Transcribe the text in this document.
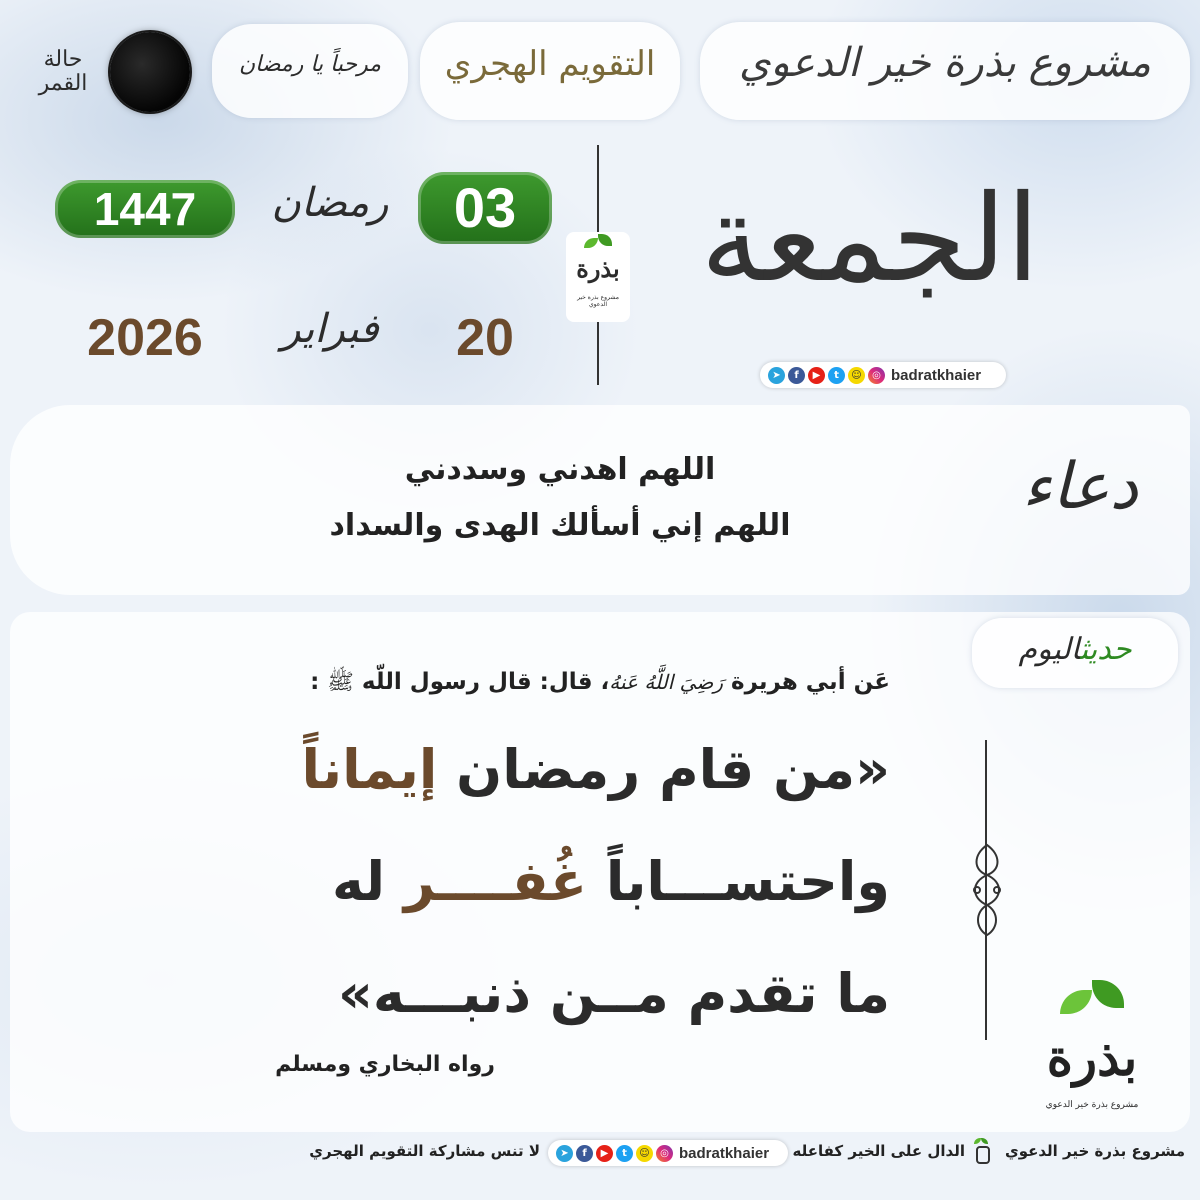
مشروع بذرة خير الدعوي
التقويم الهجري
مرحباً يا رمضان
حالة القمر
الجمعة
➤	f	▶	t	☺	◎ badratkhaier
بذرة
مشروع بذرة خير الدعوي
03
رمضان
1447
20
فبراير
2026
دعاء
اللهم اهدني وسددني
اللهم إني أسألك الهدى والسداد
حديثاليوم
عَن أبي هريرة رَضِيَ اللَّهُ عَنهُ، قال: قال رسول اللّه ﷺ :
«من قام رمضان إيماناً
واحتســـاباً غُفــــر له
ما تقدم مــن ذنبـــه»
رواه البخاري ومسلم	بذرة
مشروع بذرة خير الدعوي
مشروع بذرة خير الدعوي
الدال على الخير كفاعله
➤	f	▶	t	☺	◎ badratkhaier
لا تنس مشاركة التقويم الهجري
